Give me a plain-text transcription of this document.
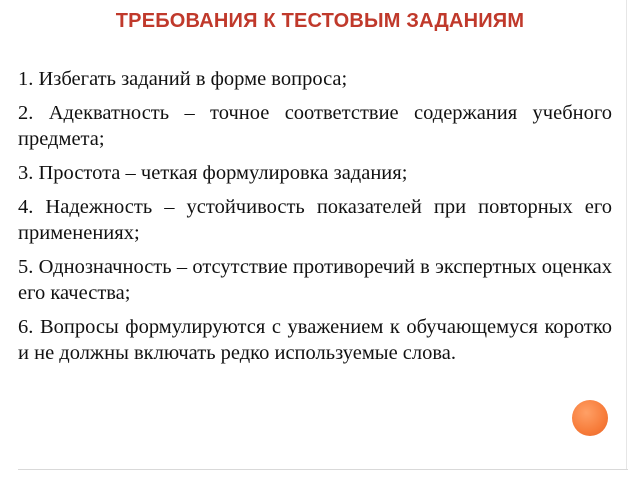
ТРЕБОВАНИЯ К ТЕСТОВЫМ ЗАДАНИЯМ

1. Избегать заданий в форме вопроса;

2. Адекватность – точное соответствие содержания учебного предмета;

3. Простота – четкая формулировка задания;

4. Надежность – устойчивость показателей при повторных его применениях;

5. Однозначность – отсутствие противоречий в экспертных оценках его качества;

6. Вопросы формулируются с уважением к обучающемуся коротко и не должны включать редко используемые слова.
